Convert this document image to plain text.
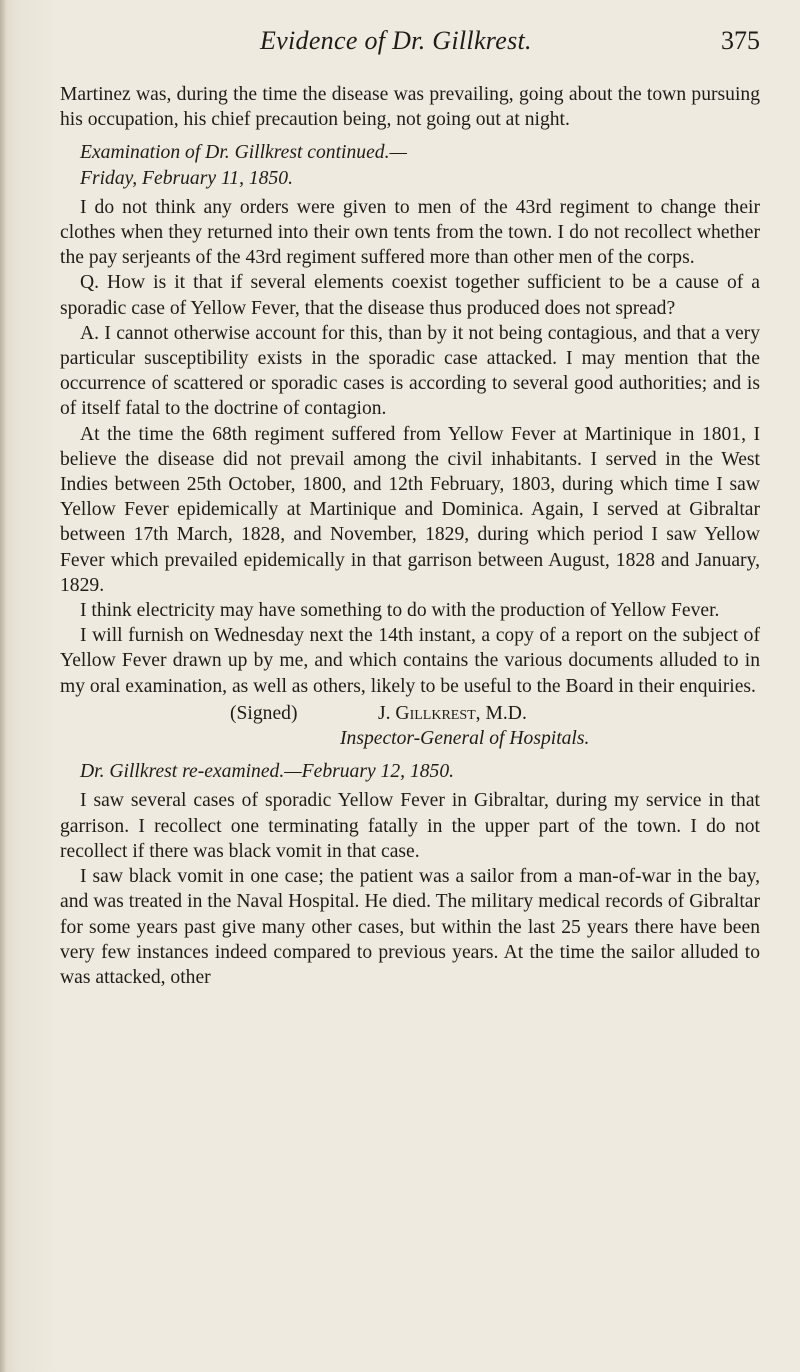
Evidence of Dr. Gillkrest.	375

Martinez was, during the time the disease was prevailing, going about the town pursuing his occupation, his chief precaution being, not going out at night.

Examination of Dr. Gillkrest continued.—
Friday, February 11, 1850.

I do not think any orders were given to men of the 43rd regiment to change their clothes when they returned into their own tents from the town. I do not recollect whether the pay serjeants of the 43rd regiment suffered more than other men of the corps.

Q. How is it that if several elements coexist together sufficient to be a cause of a sporadic case of Yellow Fever, that the disease thus produced does not spread?

A. I cannot otherwise account for this, than by it not being contagious, and that a very particular susceptibility exists in the sporadic case attacked. I may mention that the occurrence of scattered or sporadic cases is according to several good authorities; and is of itself fatal to the doctrine of contagion.

At the time the 68th regiment suffered from Yellow Fever at Martinique in 1801, I believe the disease did not prevail among the civil inhabitants. I served in the West Indies between 25th October, 1800, and 12th February, 1803, during which time I saw Yellow Fever epidemically at Martinique and Dominica. Again, I served at Gibraltar between 17th March, 1828, and November, 1829, during which period I saw Yellow Fever which prevailed epidemically in that garrison between August, 1828 and January, 1829.

I think electricity may have something to do with the production of Yellow Fever.

I will furnish on Wednesday next the 14th instant, a copy of a report on the subject of Yellow Fever drawn up by me, and which contains the various documents alluded to in my oral examination, as well as others, likely to be useful to the Board in their enquiries.

(Signed)	J. Gillkrest, M.D.
Inspector-General of Hospitals.
Dr. Gillkrest re-examined.—February 12, 1850.

I saw several cases of sporadic Yellow Fever in Gibraltar, during my service in that garrison. I recollect one terminating fatally in the upper part of the town. I do not recollect if there was black vomit in that case.

I saw black vomit in one case; the patient was a sailor from a man-of-war in the bay, and was treated in the Naval Hospital. He died. The military medical records of Gibraltar for some years past give many other cases, but within the last 25 years there have been very few instances indeed compared to previous years. At the time the sailor alluded to was attacked, other
